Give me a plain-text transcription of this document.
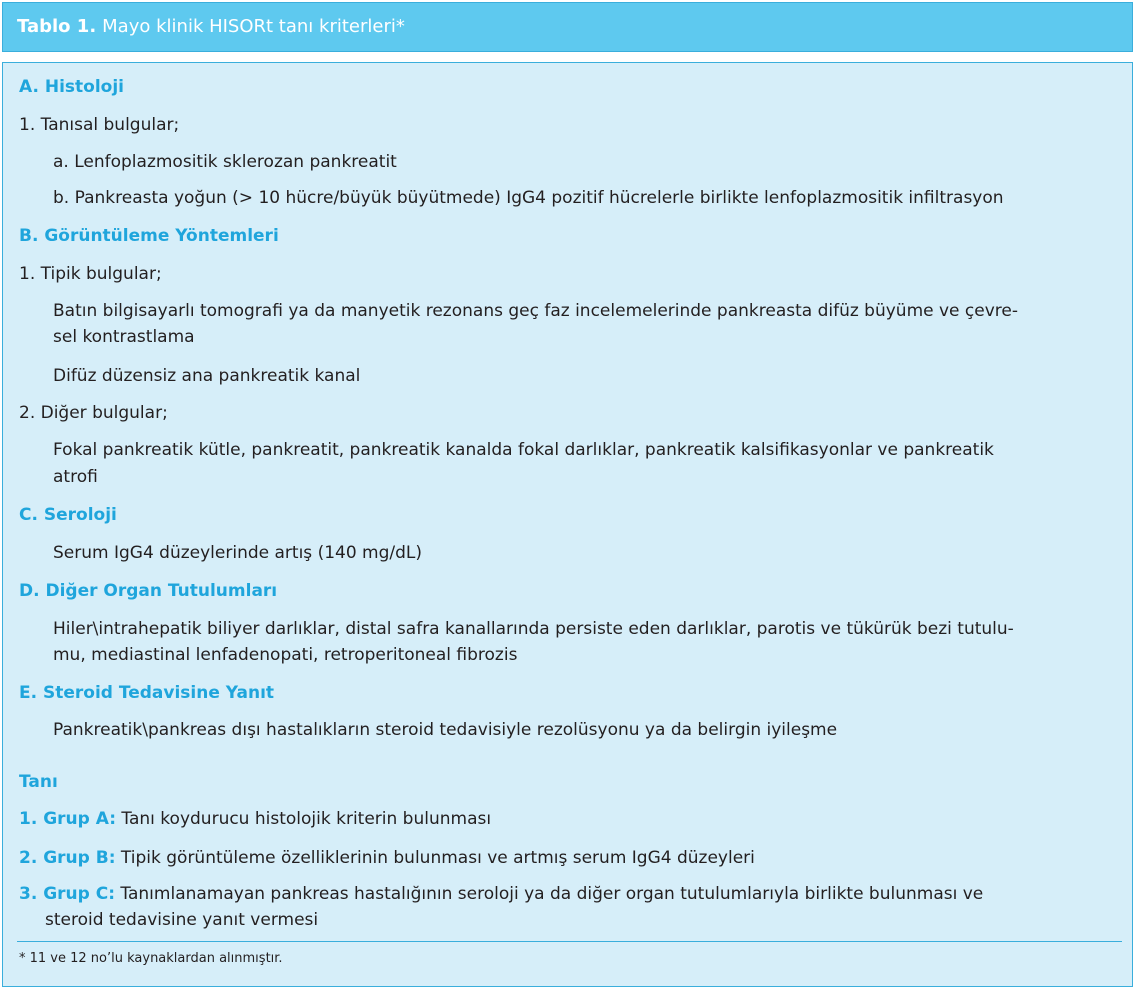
Tablo 1. Mayo klinik HISORt tanı kriterleri*
A. Histoloji
1. Tanısal bulgular;
a. Lenfoplazmositik sklerozan pankreatit
b. Pankreasta yoğun (> 10 hücre/büyük büyütmede) IgG4 pozitif hücrelerle birlikte lenfoplazmositik infiltrasyon
B. Görüntüleme Yöntemleri
1. Tipik bulgular;
Batın bilgisayarlı tomografi ya da manyetik rezonans geç faz incelemelerinde pankreasta difüz büyüme ve çevre-
sel kontrastlama
Difüz düzensiz ana pankreatik kanal
2. Diğer bulgular;
Fokal pankreatik kütle, pankreatit, pankreatik kanalda fokal darlıklar, pankreatik kalsifikasyonlar ve pankreatik
atrofi
C. Seroloji
Serum IgG4 düzeylerinde artış (140 mg/dL)
D. Diğer Organ Tutulumları
Hiler\intrahepatik biliyer darlıklar, distal safra kanallarında persiste eden darlıklar, parotis ve tükürük bezi tutulu-
mu, mediastinal lenfadenopati, retroperitoneal fibrozis
E. Steroid Tedavisine Yanıt
Pankreatik\pankreas dışı hastalıkların steroid tedavisiyle rezolüsyonu ya da belirgin iyileşme
Tanı
1. Grup A: Tanı koydurucu histolojik kriterin bulunması
2. Grup B: Tipik görüntüleme özelliklerinin bulunması ve artmış serum IgG4 düzeyleri
3. Grup C: Tanımlanamayan pankreas hastalığının seroloji ya da diğer organ tutulumlarıyla birlikte bulunması ve
steroid tedavisine yanıt vermesi
* 11 ve 12 no’lu kaynaklardan alınmıştır.
